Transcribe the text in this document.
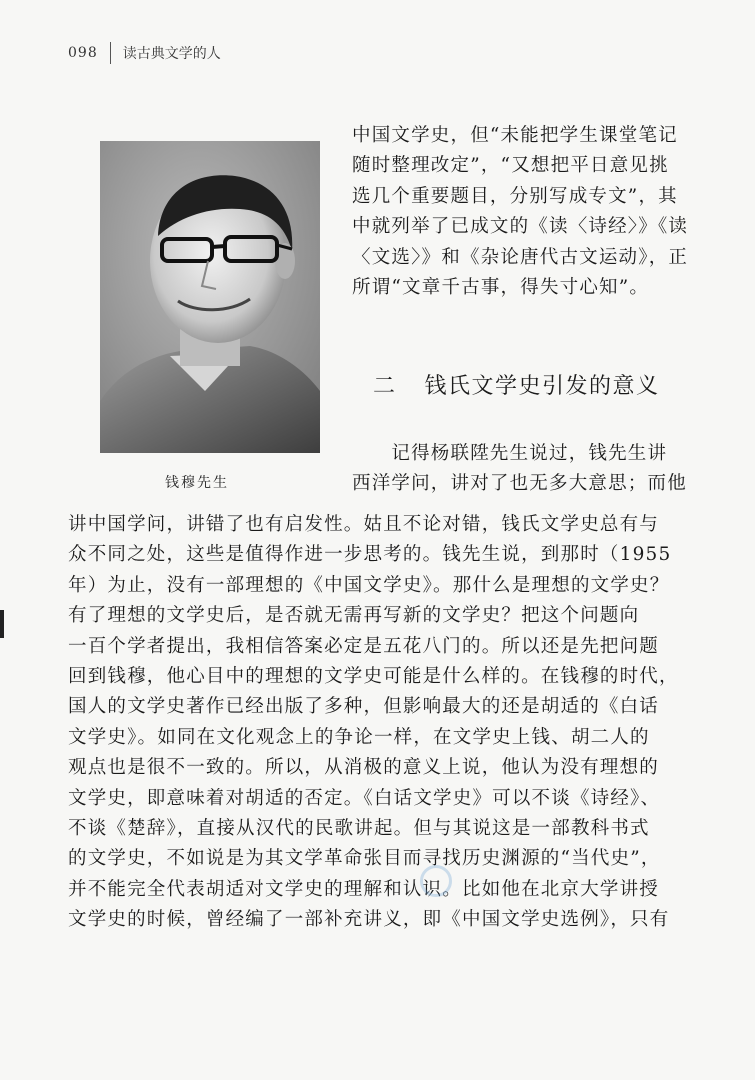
098 读古典文学的人
钱穆先生
中国文学史，但“未能把学生课堂笔记
随时整理改定”，“又想把平日意见挑
选几个重要题目，分别写成专文”，其
中就列举了已成文的《读〈诗经〉》《读
〈文选〉》和《杂论唐代古文运动》，正
所谓“文章千古事，得失寸心知”。
二 钱氏文学史引发的意义
　　记得杨联陞先生说过，钱先生讲
西洋学问，讲对了也无多大意思；而他
讲中国学问，讲错了也有启发性。姑且不论对错，钱氏文学史总有与
众不同之处，这些是值得作进一步思考的。钱先生说，到那时（1955
年）为止，没有一部理想的《中国文学史》。那什么是理想的文学史？
有了理想的文学史后，是否就无需再写新的文学史？把这个问题向
一百个学者提出，我相信答案必定是五花八门的。所以还是先把问题
回到钱穆，他心目中的理想的文学史可能是什么样的。在钱穆的时代，
国人的文学史著作已经出版了多种，但影响最大的还是胡适的《白话
文学史》。如同在文化观念上的争论一样，在文学史上钱、胡二人的
观点也是很不一致的。所以，从消极的意义上说，他认为没有理想的
文学史，即意味着对胡适的否定。《白话文学史》可以不谈《诗经》、
不谈《楚辞》，直接从汉代的民歌讲起。但与其说这是一部教科书式
的文学史，不如说是为其文学革命张目而寻找历史渊源的“当代史”，
并不能完全代表胡适对文学史的理解和认识。比如他在北京大学讲授
文学史的时候，曾经编了一部补充讲义，即《中国文学史选例》，只有
